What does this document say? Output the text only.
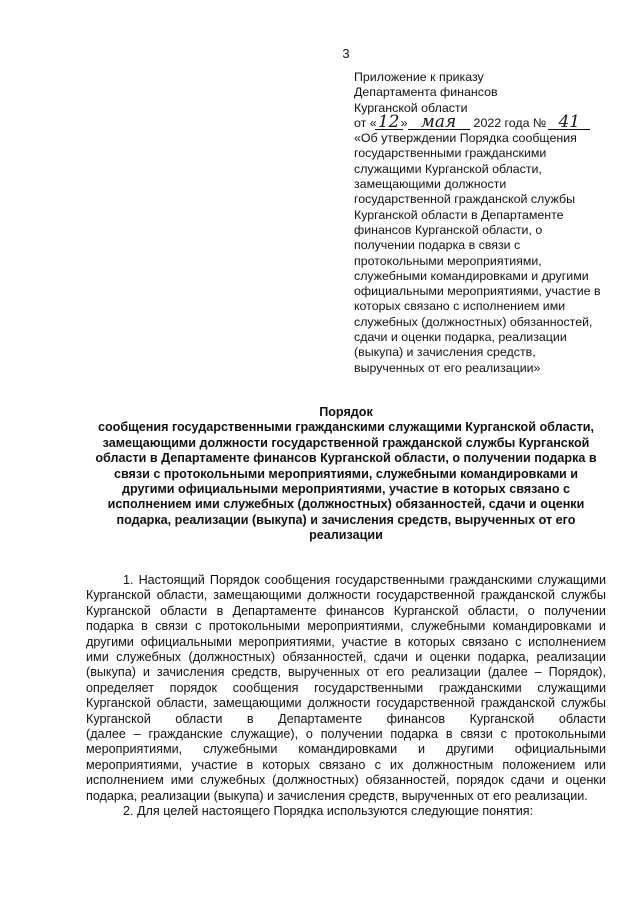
3
Приложение к приказу
Департамента финансов
Курганской области
от «12» мая 2022 года № 41
«Об утверждении Порядка сообщения
государственными гражданскими
служащими Курганской области,
замещающими должности
государственной гражданской службы
Курганской области в Департаменте
финансов Курганской области, о
получении подарка в связи с
протокольными мероприятиями,
служебными командировками и другими
официальными мероприятиями, участие в
которых связано с исполнением ими
служебных (должностных) обязанностей,
сдачи и оценки подарка, реализации
(выкупа) и зачисления средств,
вырученных от его реализации»
Порядок
сообщения государственными гражданскими служащими Курганской области,
замещающими должности государственной гражданской службы Курганской
области в Департаменте финансов Курганской области, о получении подарка в
связи с протокольными мероприятиями, служебными командировками и
другими официальными мероприятиями, участие в которых связано с
исполнением ими служебных (должностных) обязанностей, сдачи и оценки
подарка, реализации (выкупа) и зачисления средств, вырученных от его
реализации
1. Настоящий Порядок сообщения государственными гражданскими служащими
Курганской области, замещающими должности государственной гражданской службы
Курганской области в Департаменте финансов Курганской области, о получении
подарка в связи с протокольными мероприятиями, служебными командировками и
другими официальными мероприятиями, участие в которых связано с исполнением
ими служебных (должностных) обязанностей, сдачи и оценки подарка, реализации
(выкупа) и зачисления средств, вырученных от его реализации (далее – Порядок),
определяет порядок сообщения государственными гражданскими служащими
Курганской области, замещающими должности государственной гражданской службы
Курганской области в Департаменте финансов Курганской области
(далее – гражданские служащие), о получении подарка в связи с протокольными
мероприятиями, служебными командировками и другими официальными
мероприятиями, участие в которых связано с их должностным положением или
исполнением ими служебных (должностных) обязанностей, порядок сдачи и оценки
подарка, реализации (выкупа) и зачисления средств, вырученных от его реализации.
2. Для целей настоящего Порядка используются следующие понятия:
